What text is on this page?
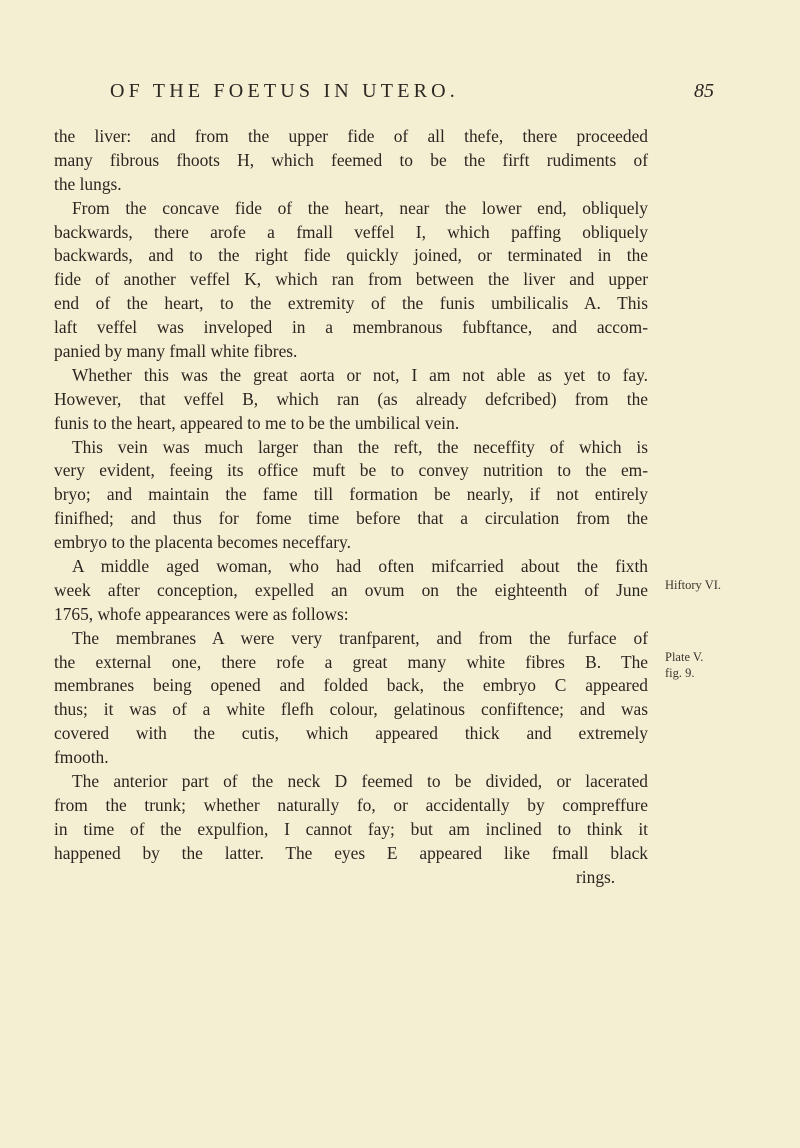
OF THE FOETUS IN UTERO.	85
the liver: and from the upper fide of all thefe, there proceeded
many fibrous fhoots H, which feemed to be the firft rudiments of
the lungs.
From the concave fide of the heart, near the lower end, obliquely
backwards, there arofe a fmall veffel I, which paffing obliquely
backwards, and to the right fide quickly joined, or terminated in the
fide of another veffel K, which ran from between the liver and upper
end of the heart, to the extremity of the funis umbilicalis A. This
laft veffel was inveloped in a membranous fubftance, and accom-
panied by many fmall white fibres.
Whether this was the great aorta or not, I am not able as yet to fay.
However, that veffel B, which ran (as already defcribed) from the
funis to the heart, appeared to me to be the umbilical vein.
This vein was much larger than the reft, the neceffity of which is
very evident, feeing its office muft be to convey nutrition to the em-
bryo; and maintain the fame till formation be nearly, if not entirely
finifhed; and thus for fome time before that a circulation from the
embryo to the placenta becomes neceffary.
A middle aged woman, who had often mifcarried about the fixth
week after conception, expelled an ovum on the eighteenth of June
1765, whofe appearances were as follows:
The membranes A were very tranfparent, and from the furface of
the external one, there rofe a great many white fibres B. The
membranes being opened and folded back, the embryo C appeared
thus; it was of a white flefh colour, gelatinous confiftence; and was
covered with the cutis, which appeared thick and extremely
fmooth.
The anterior part of the neck D feemed to be divided, or lacerated
from the trunk; whether naturally fo, or accidentally by compreffure
in time of the expulfion, I cannot fay; but am inclined to think it
happened by the latter. The eyes E appeared like fmall black
rings.
Hiftory VI.
Plate V.
fig. 9.
